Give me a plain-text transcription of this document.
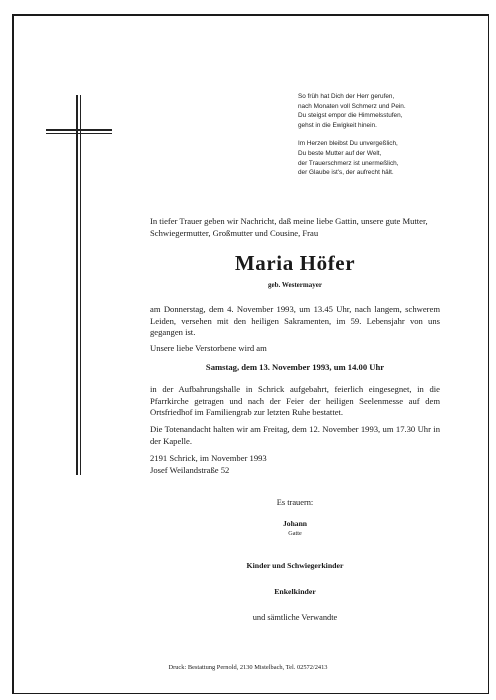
So früh hat Dich der Herr gerufen,
nach Monaten voll Schmerz und Pein.
Du steigst empor die Himmelsstufen,
gehst in die Ewigkeit hinein.
Im Herzen bleibst Du unvergeßlich,
Du beste Mutter auf der Welt,
der Trauerschmerz ist unermeßlich,
der Glaube ist's, der aufrecht hält.
In tiefer Trauer geben wir Nachricht, daß meine liebe Gattin, unsere gute Mutter, Schwiegermutter, Großmutter und Cousine, Frau
Maria Höfer
geb. Westermayer
am Donnerstag, dem 4. November 1993, um 13.45 Uhr, nach langem, schwerem Leiden, versehen mit den heiligen Sakramenten, im 59. Lebensjahr von uns gegangen ist.
Unsere liebe Verstorbene wird am
Samstag, dem 13. November 1993, um 14.00 Uhr
in der Aufbahrungshalle in Schrick aufgebahrt, feierlich eingesegnet, in die Pfarrkirche getragen und nach der Feier der heiligen Seelenmesse auf dem Ortsfriedhof im Familiengrab zur letzten Ruhe bestattet.
Die Totenandacht halten wir am Freitag, dem 12. November 1993, um 17.30 Uhr in der Kapelle.
2191 Schrick, im November 1993
Josef Weilandstraße 52
Es trauern:
Johann
Gatte
Kinder und Schwiegerkinder
Enkelkinder
und sämtliche Verwandte
Druck: Bestattung Pernold, 2130 Mistelbach, Tel. 02572/2413
